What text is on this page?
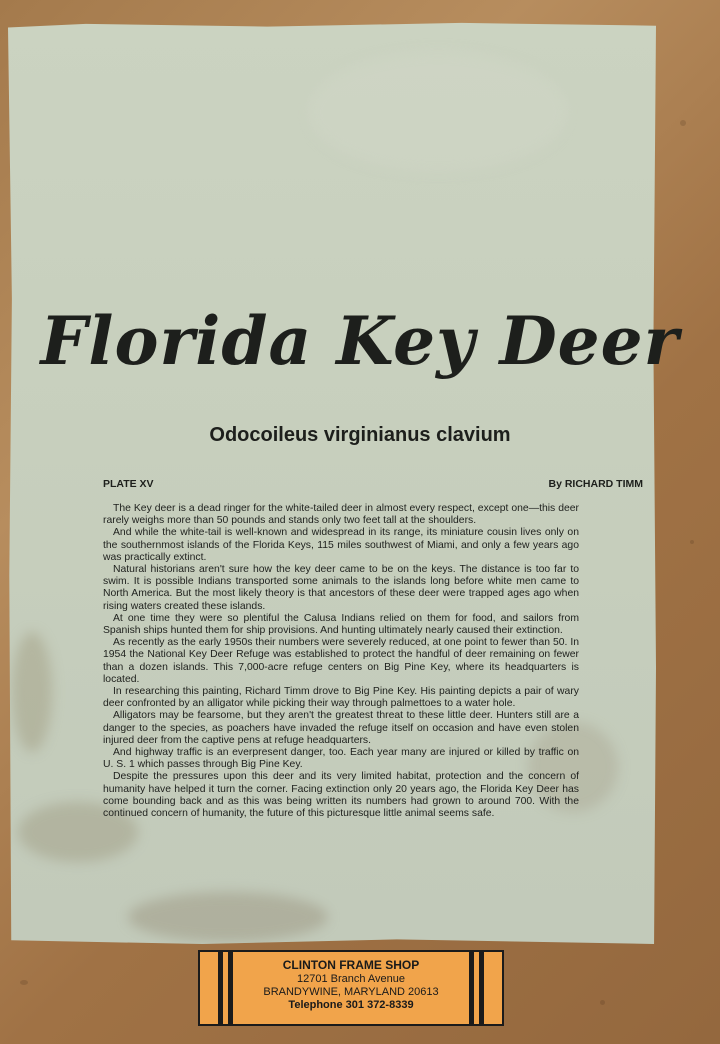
Florida Key Deer
Odocoileus virginianus clavium
PLATE XV	By RICHARD TIMM

The Key deer is a dead ringer for the white-tailed deer in almost every respect, except one—this deer rarely weighs more than 50 pounds and stands only two feet tall at the shoulders.

And while the white-tail is well-known and widespread in its range, its miniature cousin lives only on the southernmost islands of the Florida Keys, 115 miles southwest of Miami, and only a few years ago was practically extinct.

Natural historians aren't sure how the key deer came to be on the keys. The distance is too far to swim. It is possible Indians transported some animals to the islands long before white men came to North America. But the most likely theory is that ancestors of these deer were trapped ages ago when rising waters created these islands.

At one time they were so plentiful the Calusa Indians relied on them for food, and sailors from Spanish ships hunted them for ship provisions. And hunting ultimately nearly caused their extinction.

As recently as the early 1950s their numbers were severely reduced, at one point to fewer than 50. In 1954 the National Key Deer Refuge was established to protect the handful of deer remaining on fewer than a dozen islands. This 7,000-acre refuge centers on Big Pine Key, where its headquarters is located.

In researching this painting, Richard Timm drove to Big Pine Key. His painting depicts a pair of wary deer confronted by an alligator while picking their way through palmettoes to a water hole.

Alligators may be fearsome, but they aren't the greatest threat to these little deer. Hunters still are a danger to the species, as poachers have invaded the refuge itself on occasion and have even stolen injured deer from the captive pens at refuge headquarters.

And highway traffic is an everpresent danger, too. Each year many are injured or killed by traffic on U. S. 1 which passes through Big Pine Key.

Despite the pressures upon this deer and its very limited habitat, protection and the concern of humanity have helped it turn the corner. Facing extinction only 20 years ago, the Florida Key Deer has come bounding back and as this was being written its numbers had grown to around 700. With the continued concern of humanity, the future of this picturesque little animal seems safe.

CLINTON FRAME SHOP
12701 Branch Avenue
BRANDYWINE, MARYLAND 20613
Telephone 301 372-8339
